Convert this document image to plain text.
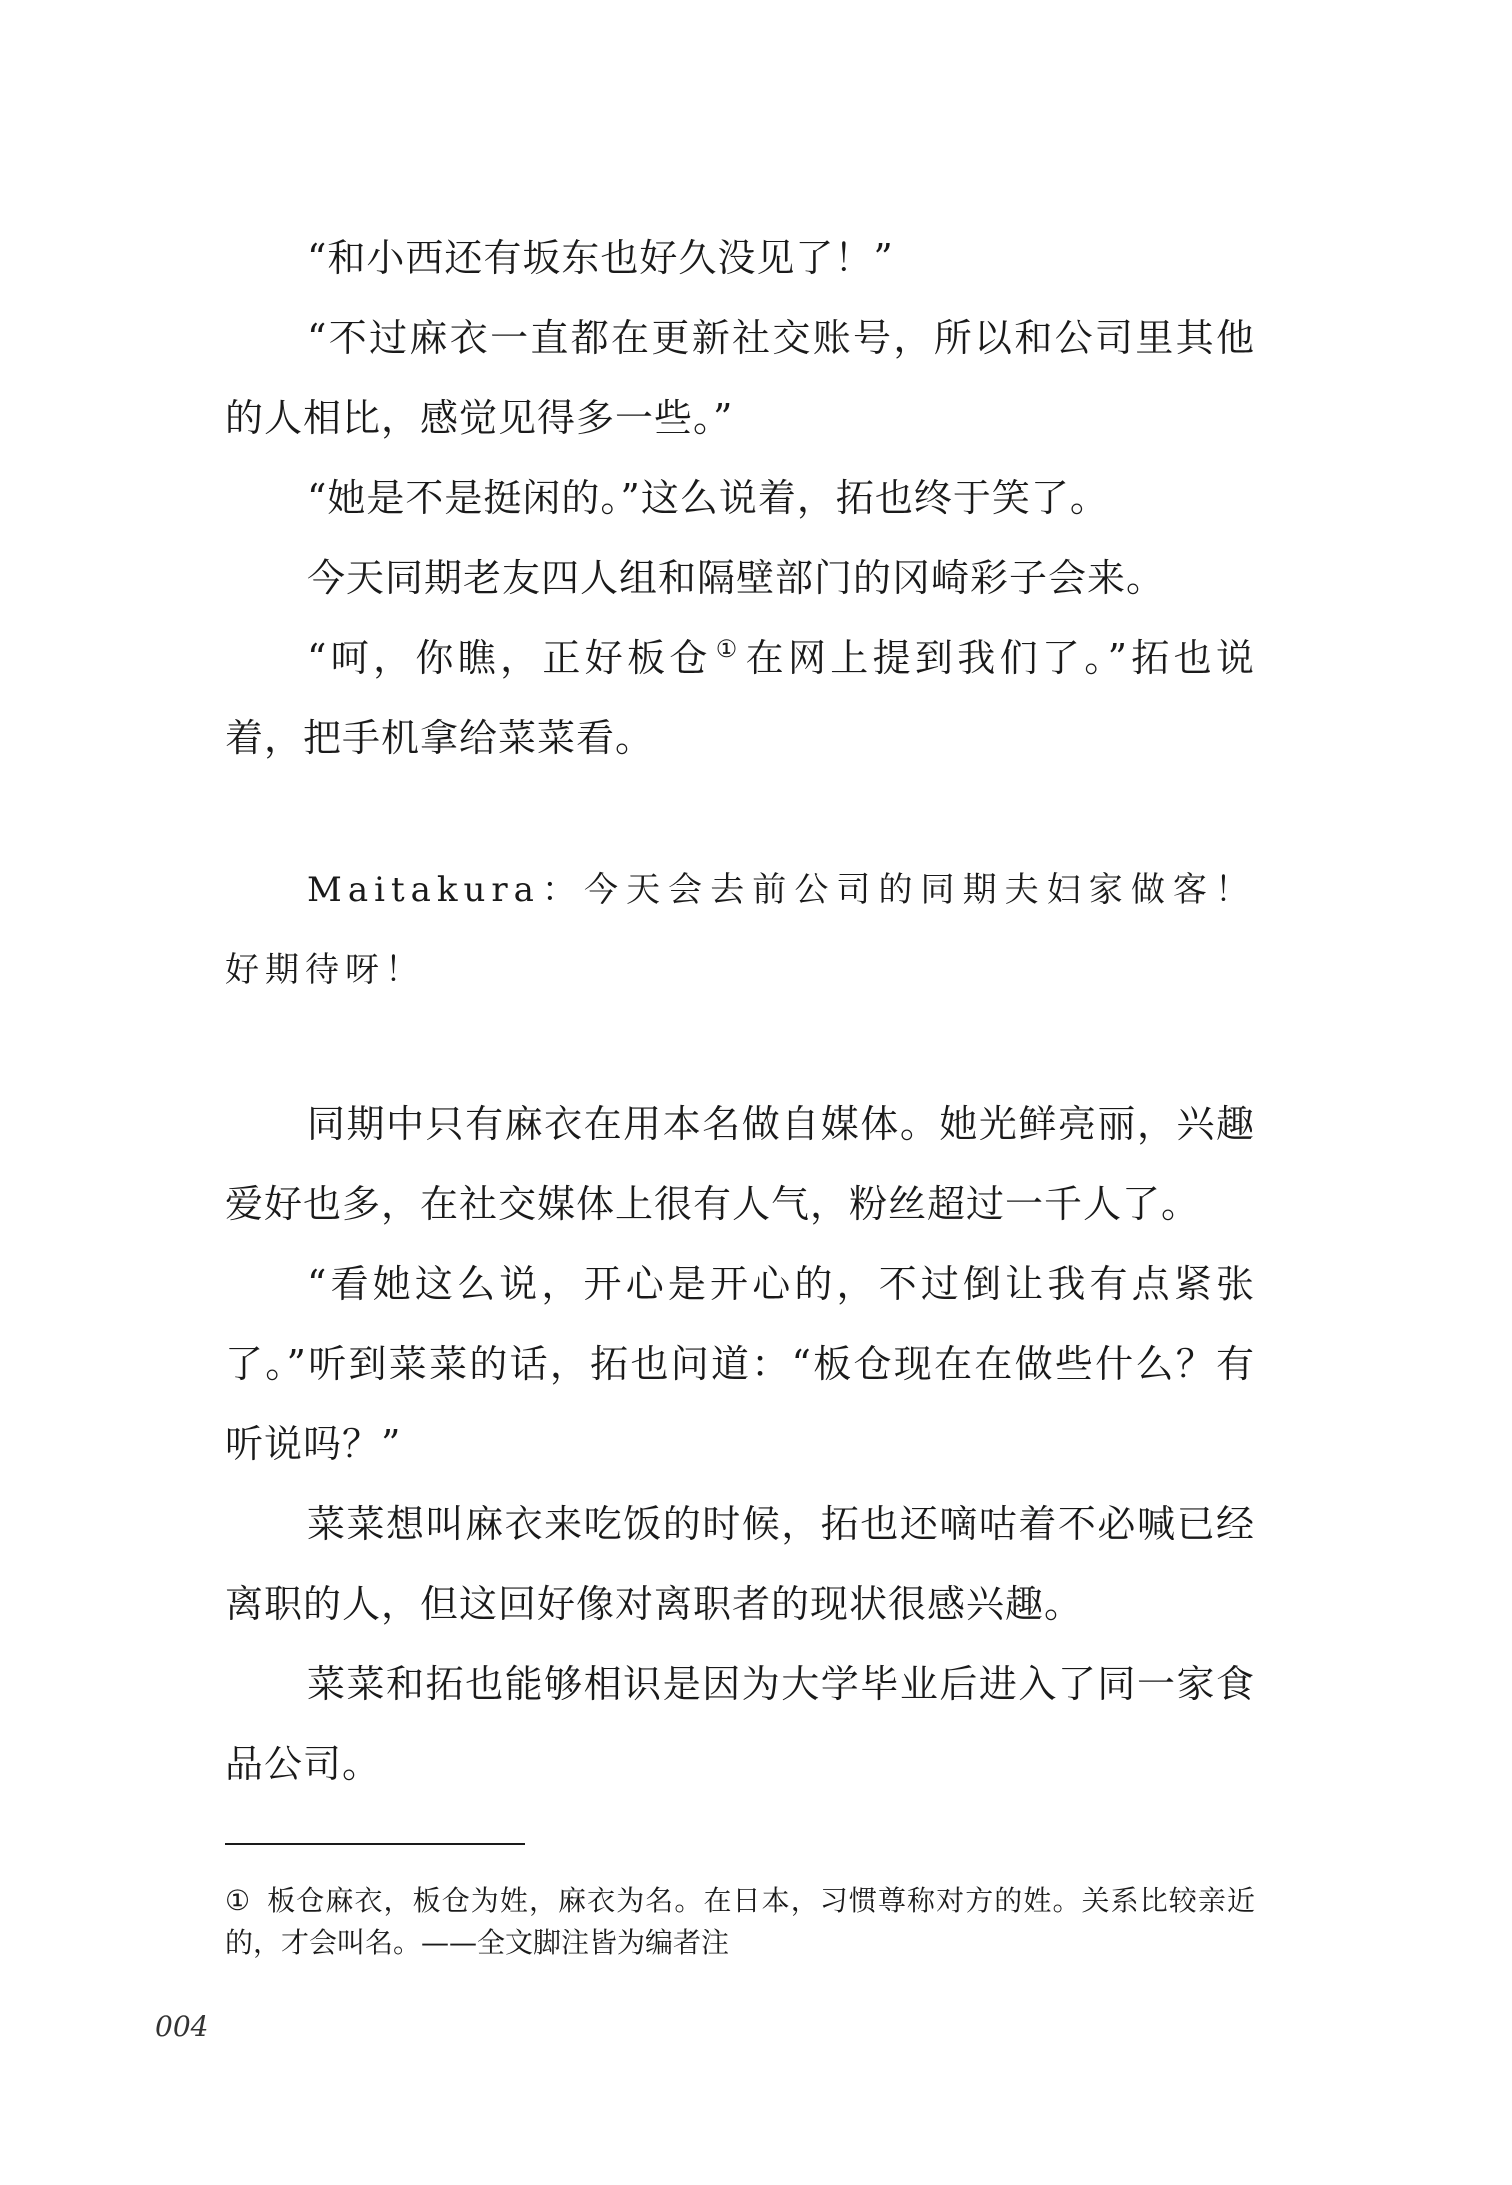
“和小西还有坂东也好久没见了！”

“不过麻衣一直都在更新社交账号，所以和公司里其他的人相比，感觉见得多一些。”

“她是不是挺闲的。”这么说着，拓也终于笑了。

今天同期老友四人组和隔壁部门的冈崎彩子会来。

“呵，你瞧，正好板仓 ① 在网上提到我们了。”拓也说着，把手机拿给菜菜看。

Maitakura：今天会去前公司的同期夫妇家做客！好期待呀！

同期中只有麻衣在用本名做自媒体。她光鲜亮丽，兴趣爱好也多，在社交媒体上很有人气，粉丝超过一千人了。

“看她这么说，开心是开心的，不过倒让我有点紧张了。”听到菜菜的话，拓也问道：“板仓现在在做些什么？有听说吗？”

菜菜想叫麻衣来吃饭的时候，拓也还嘀咕着不必喊已经离职的人，但这回好像对离职者的现状很感兴趣。

菜菜和拓也能够相识是因为大学毕业后进入了同一家食品公司。

① 板仓麻衣，板仓为姓，麻衣为名。在日本，习惯尊称对方的姓。关系比较亲近的，才会叫名。——全文脚注皆为编者注

004
